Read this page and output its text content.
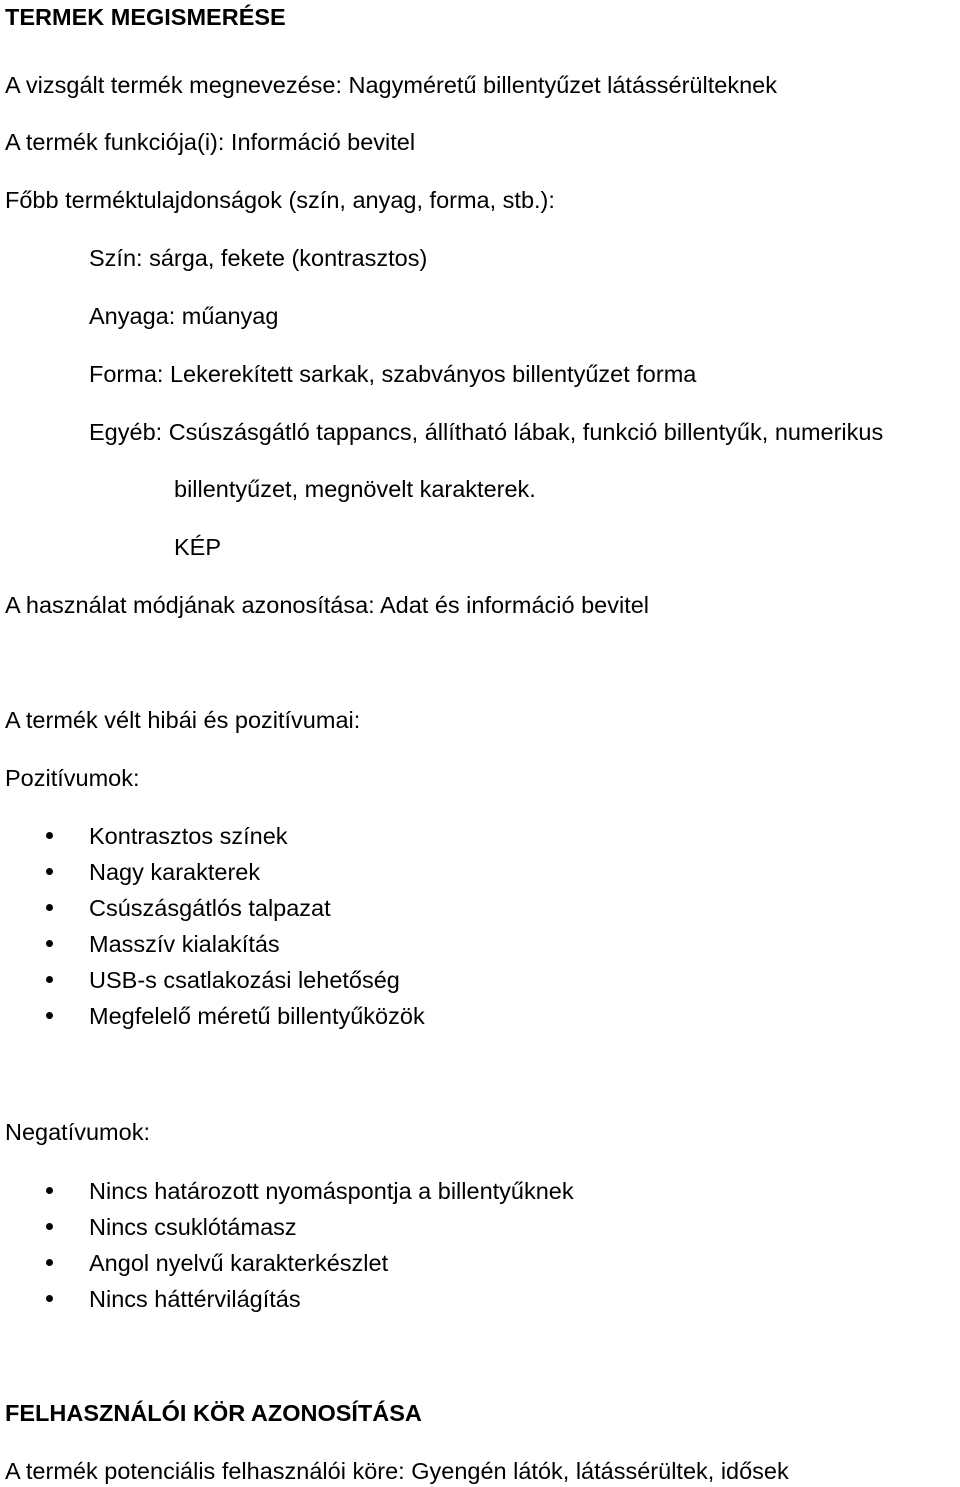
TERMEK MEGISMERÉSE
A vizsgált termék megnevezése: Nagyméretű billentyűzet látássérülteknek
A termék funkciója(i): Információ bevitel
Főbb terméktulajdonságok (szín, anyag, forma, stb.):
Szín: sárga, fekete (kontrasztos)
Anyaga: műanyag
Forma: Lekerekített sarkak, szabványos billentyűzet forma
Egyéb: Csúszásgátló tappancs, állítható lábak, funkció billentyűk, numerikus
billentyűzet, megnövelt karakterek.
KÉP
A használat módjának azonosítása: Adat és információ bevitel
A termék vélt hibái és pozitívumai:
Pozitívumok:
Kontrasztos színek
Nagy karakterek
Csúszásgátlós talpazat
Masszív kialakítás
USB-s csatlakozási lehetőség
Megfelelő méretű billentyűközök
Negatívumok:
Nincs határozott nyomáspontja a billentyűknek
Nincs csuklótámasz
Angol nyelvű karakterkészlet
Nincs háttérvilágítás
FELHASZNÁLÓI KÖR AZONOSÍTÁSA
A termék potenciális felhasználói köre: Gyengén látók, látássérültek, idősek
